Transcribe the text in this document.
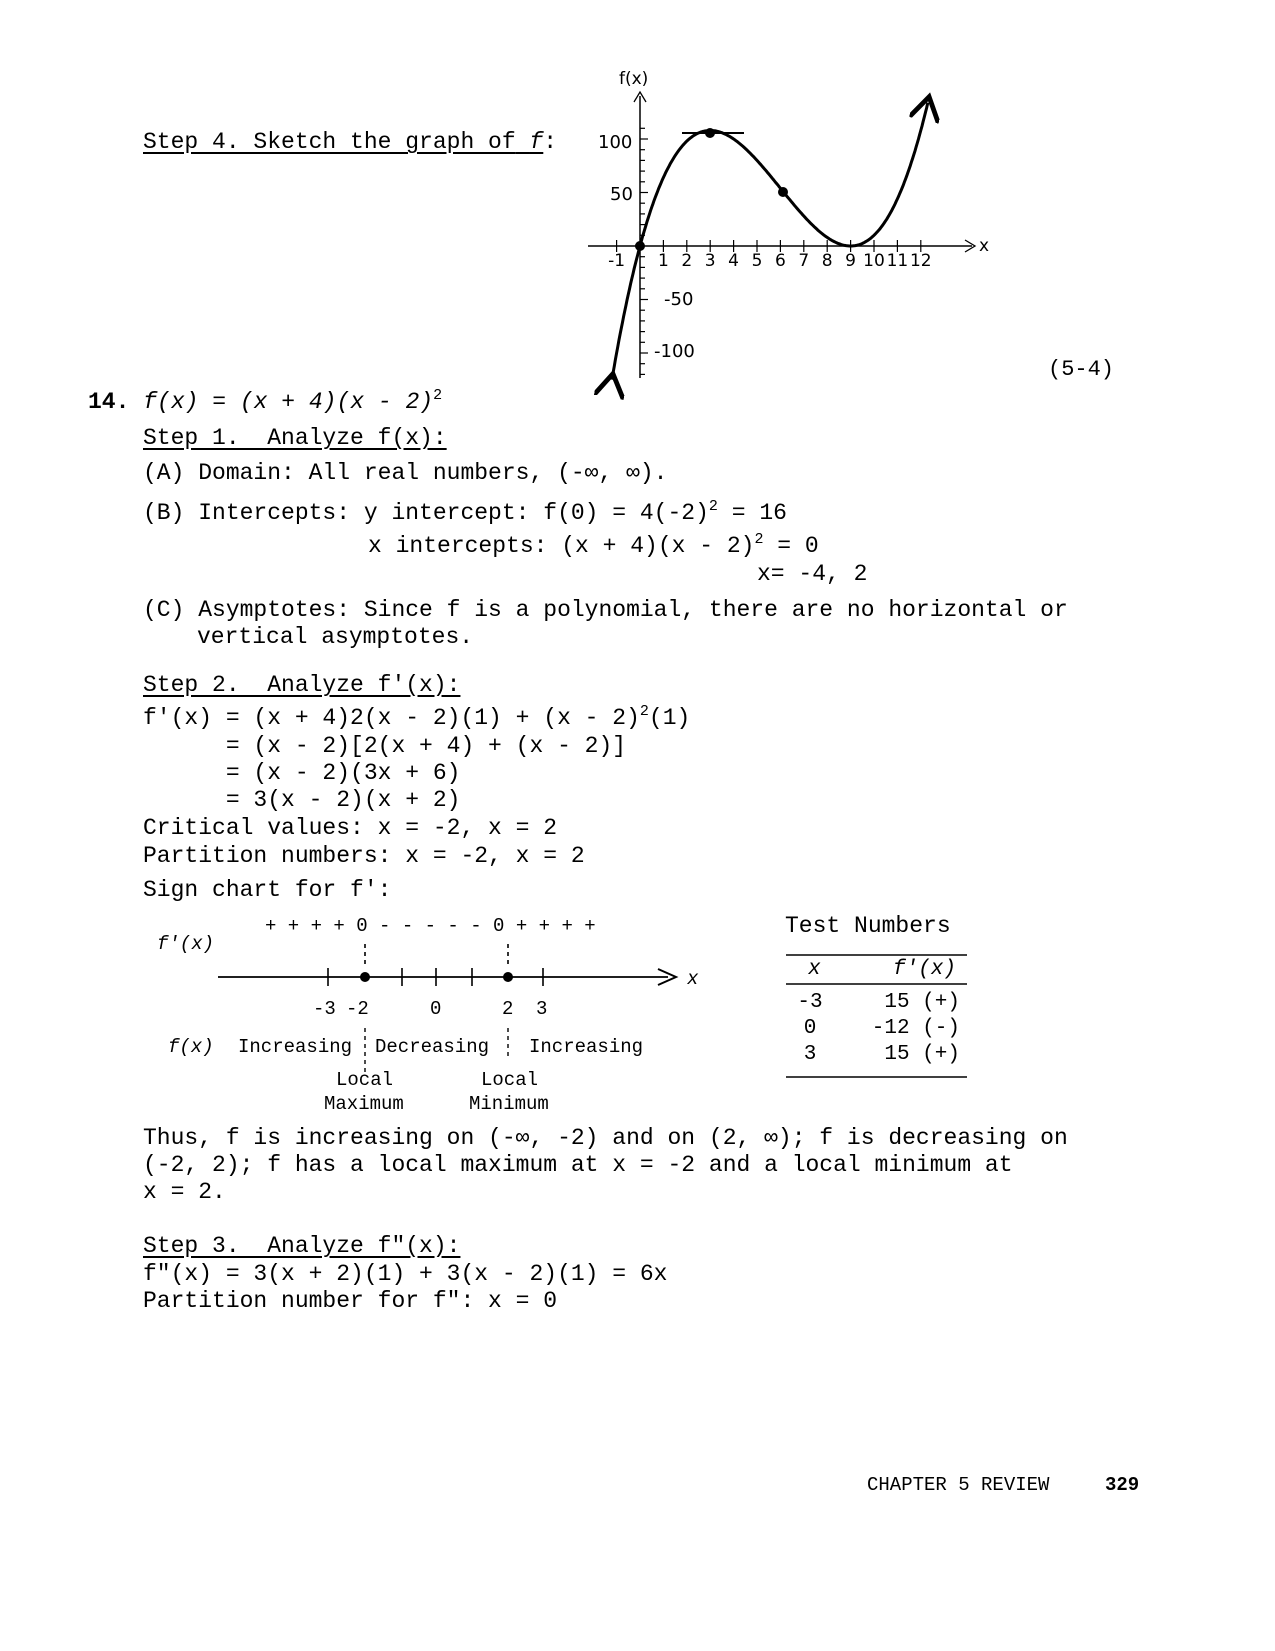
Step 4. Sketch the graph of f:
f(x)
x
100
50
-50
-100
-1 1 2 3 4 5 6 7 8 9 10 11 12
(5-4)
x
14. f(x) = (x + 4)(x - 2)$^2$
Step 1.  Analyze f(x):
(A) Domain: All real numbers, (-∞, ∞).
(B) Intercepts: y intercept: $f(0) = 4(-2)^2 = 16$
x intercepts: (x + 4)(x - 2)$^2$ = 0
x= -4, 2
(C) Asymptotes: Since f is a polynomial, there are no horizontal or
vertical asymptotes.
Step 2.  Analyze f'(x):
f'(x) = (x + 4)2(x - 2)(1) + (x - 2)$^2$(1)
= (x - 2)[2(x + 4) + (x - 2)]
= (x - 2)(3x + 6)
= 3(x - 2)(x + 2)
Critical values: x = -2, x = 2
Partition numbers: x = -2, x = 2
Sign chart for f':
+ + + + 0 - - - - - 0 + + + +
f'(x)
-3 -2	0	2 3
f(x) Increasing Decreasing Increasing
Local
Maximum
Local
Minimum
Test Numbers
x	f'(x)
-3	15 (+)
0	-12 (-)
3	15 (+)
Thus, f is increasing on (-∞, -2) and on (2, ∞); f is decreasing on
(-2, 2); f has a local maximum at x = -2 and a local minimum at
x = 2.
Step 3.  Analyze f"(x):
f"(x) = 3(x + 2)(1) + 3(x - 2)(1) = 6x
Partition number for f": x = 0
CHAPTER 5 REVIEW	329
